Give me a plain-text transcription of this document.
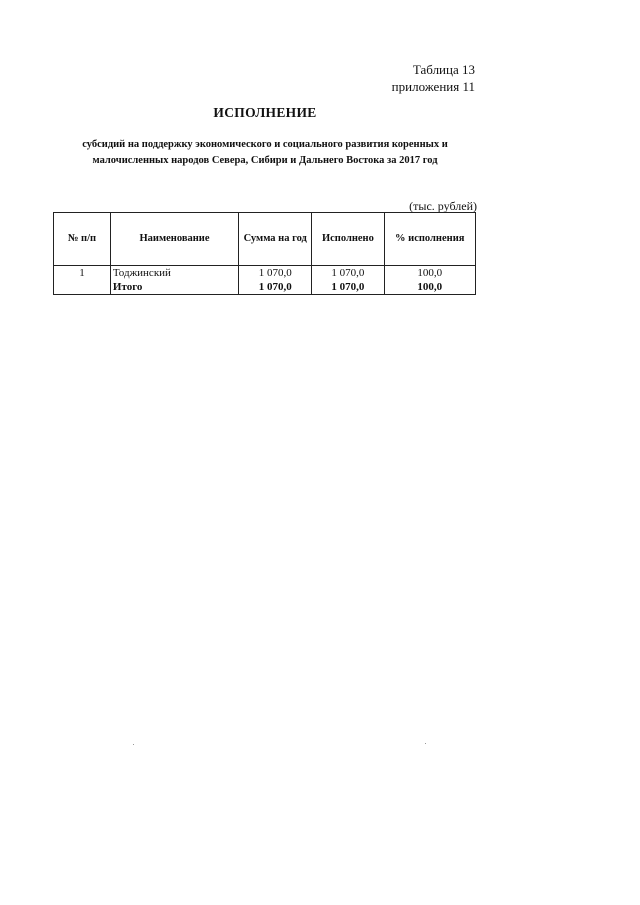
Таблица 13
приложения 11
ИСПОЛНЕНИЕ
субсидий на поддержку экономического и социального развития коренных и
малочисленных народов Севера, Сибири и Дальнего Востока за 2017 год
(тыс. рублей)
№ п/п	Наименование	Сумма на год	Исполнено	% исполнения
1	Тоджинский	1 070,0	1 070,0	100,0
	Итого	1 070,0	1 070,0	100,0
